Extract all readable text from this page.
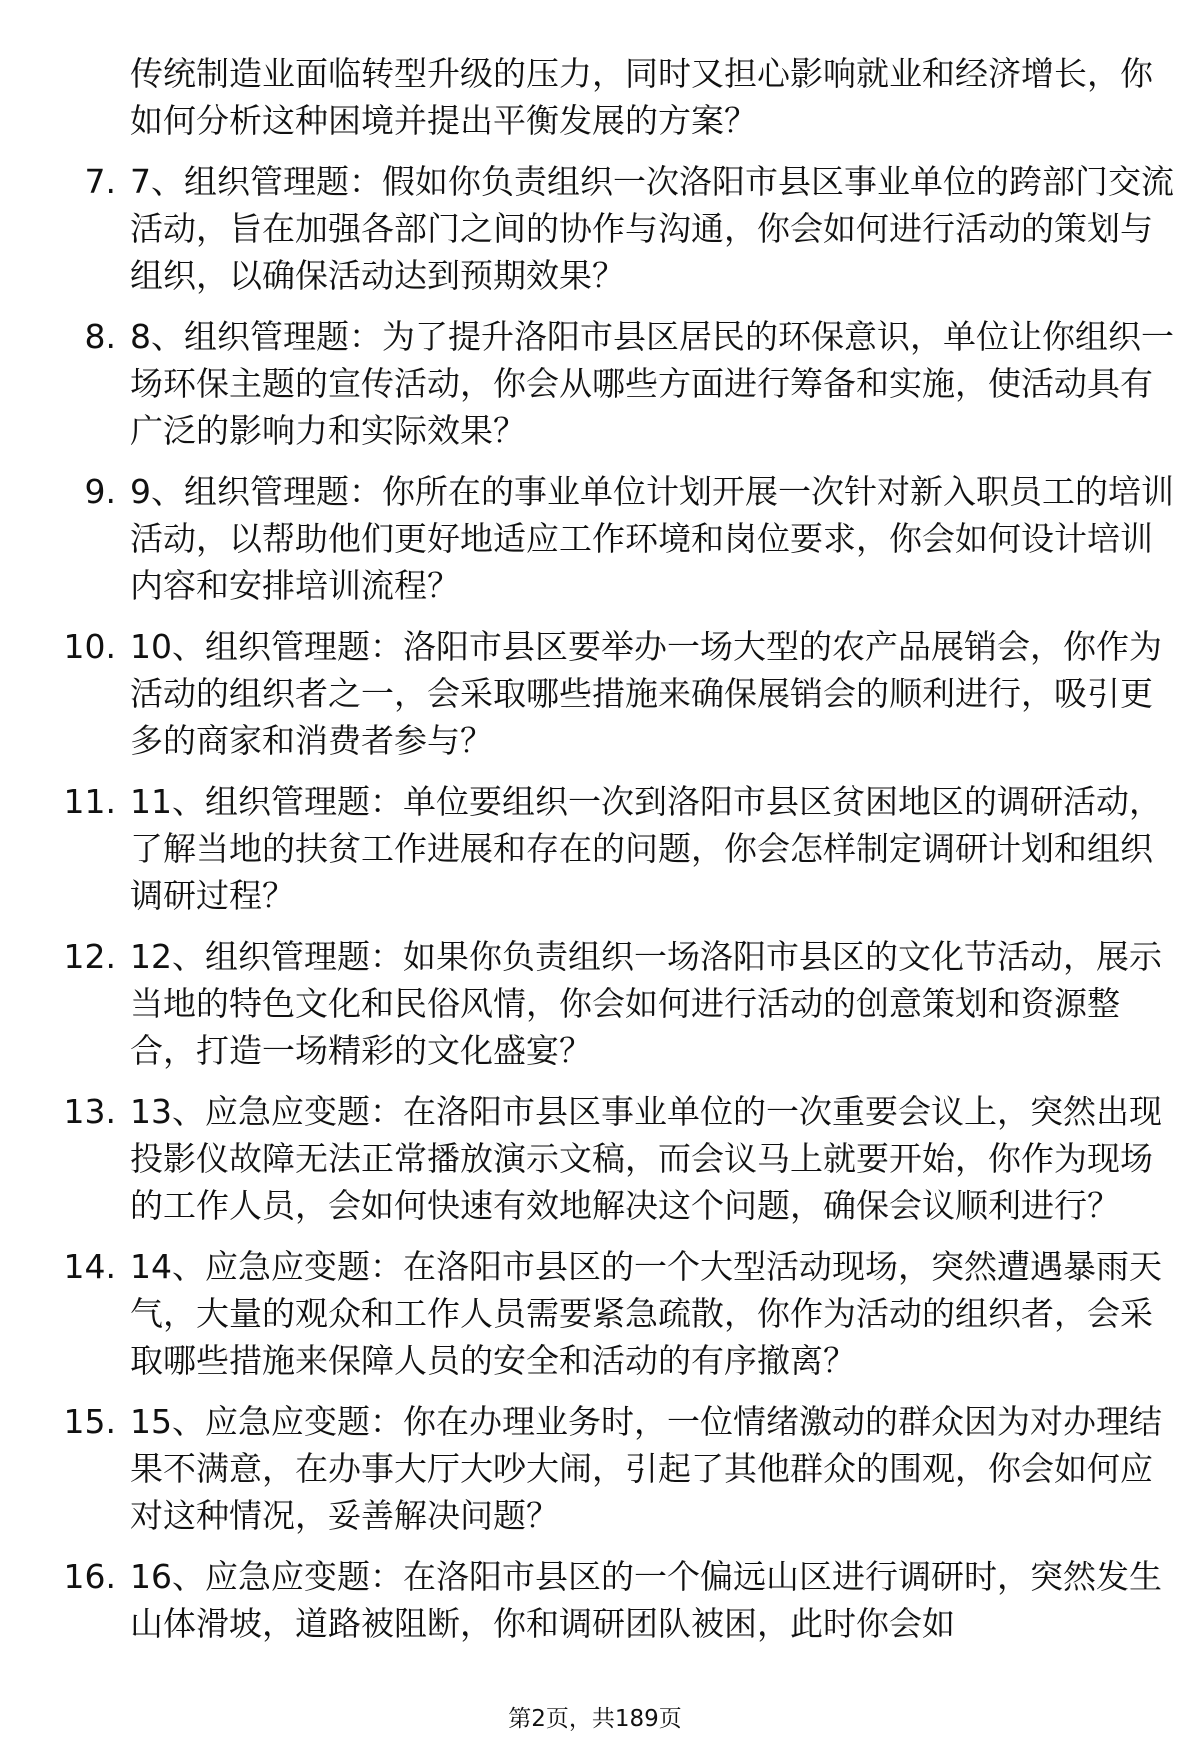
传统制造业面临转型升级的压力，同时又担心影响就业和经济增长，你如何分析这种困境并提出平衡发展的方案？
7. 7、组织管理题：假如你负责组织一次洛阳市县区事业单位的跨部门交流活动，旨在加强各部门之间的协作与沟通，你会如何进行活动的策划与组织，以确保活动达到预期效果？
8. 8、组织管理题：为了提升洛阳市县区居民的环保意识，单位让你组织一场环保主题的宣传活动，你会从哪些方面进行筹备和实施，使活动具有广泛的影响力和实际效果？
9. 9、组织管理题：你所在的事业单位计划开展一次针对新入职员工的培训活动，以帮助他们更好地适应工作环境和岗位要求，你会如何设计培训内容和安排培训流程？
10. 10、组织管理题：洛阳市县区要举办一场大型的农产品展销会，你作为活动的组织者之一，会采取哪些措施来确保展销会的顺利进行，吸引更多的商家和消费者参与？
11. 11、组织管理题：单位要组织一次到洛阳市县区贫困地区的调研活动，了解当地的扶贫工作进展和存在的问题，你会怎样制定调研计划和组织调研过程？
12. 12、组织管理题：如果你负责组织一场洛阳市县区的文化节活动，展示当地的特色文化和民俗风情，你会如何进行活动的创意策划和资源整合，打造一场精彩的文化盛宴？
13. 13、应急应变题：在洛阳市县区事业单位的一次重要会议上，突然出现投影仪故障无法正常播放演示文稿，而会议马上就要开始，你作为现场的工作人员，会如何快速有效地解决这个问题，确保会议顺利进行？
14. 14、应急应变题：在洛阳市县区的一个大型活动现场，突然遭遇暴雨天气，大量的观众和工作人员需要紧急疏散，你作为活动的组织者，会采取哪些措施来保障人员的安全和活动的有序撤离？
15. 15、应急应变题：你在办理业务时，一位情绪激动的群众因为对办理结果不满意，在办事大厅大吵大闹，引起了其他群众的围观，你会如何应对这种情况，妥善解决问题？
16. 16、应急应变题：在洛阳市县区的一个偏远山区进行调研时，突然发生山体滑坡，道路被阻断，你和调研团队被困，此时你会如
第2页，共189页
